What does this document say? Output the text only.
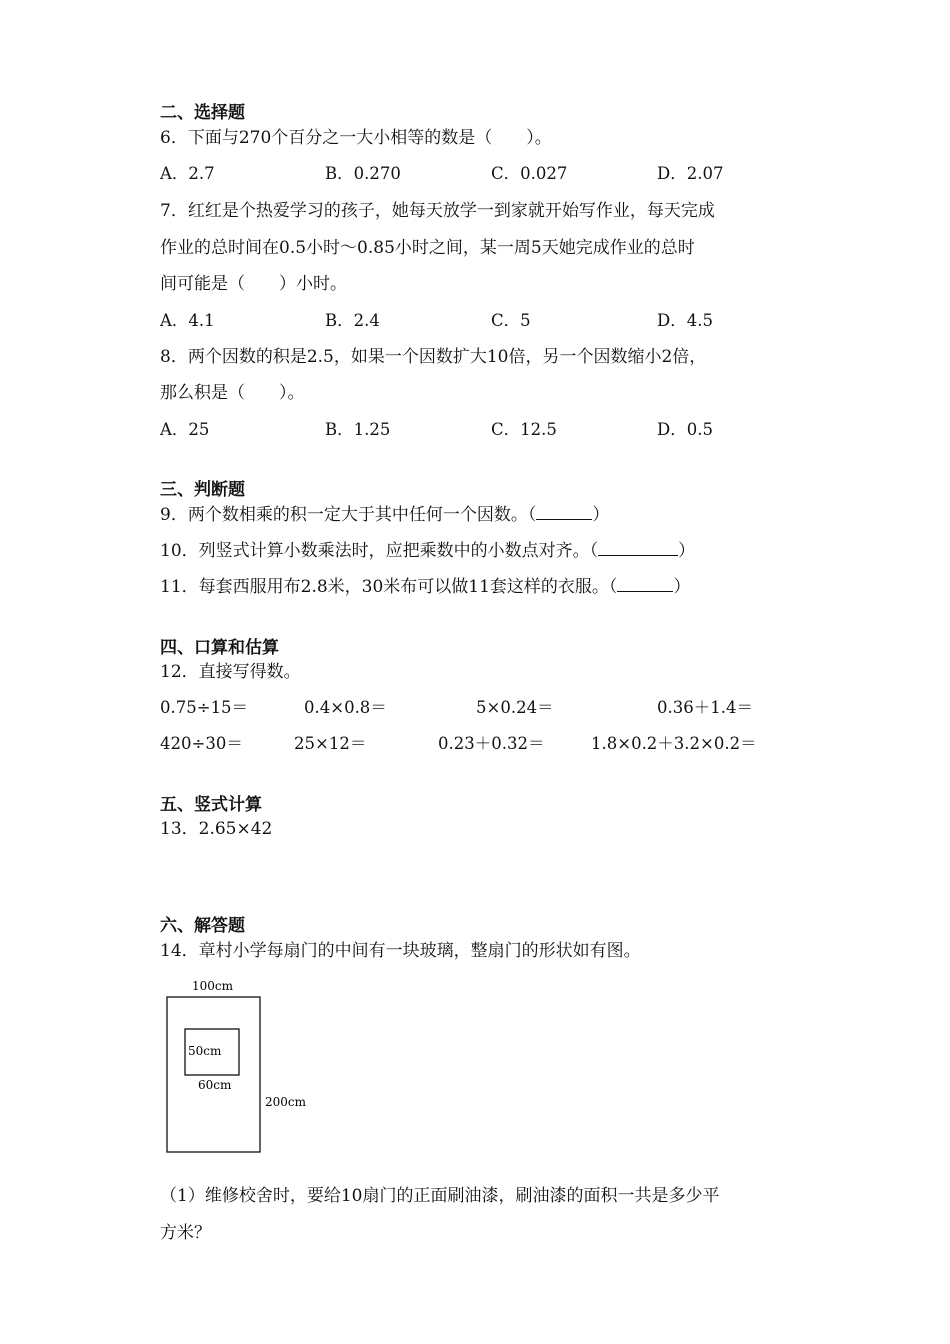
二、选择题
6．下面与270个百分之一大小相等的数是（　　）。
A．2.7	B．0.270	C．0.027	D．2.07
7．红红是个热爱学习的孩子，她每天放学一到家就开始写作业，每天完成
作业的总时间在0.5小时～0.85小时之间，某一周5天她完成作业的总时
间可能是（　　）小时。
A．4.1	B．2.4	C．5	D．4.5
8．两个因数的积是2.5，如果一个因数扩大10倍，另一个因数缩小2倍，
那么积是（　　）。
A．25	B．1.25	C．12.5	D．0.5
三、判断题
9．两个数相乘的积一定大于其中任何一个因数。（	）
10．列竖式计算小数乘法时，应把乘数中的小数点对齐。（	）
11．每套西服用布2.8米，30米布可以做11套这样的衣服。（	）
四、口算和估算
12．直接写得数。
0.75÷15＝	0.4×0.8＝	5×0.24＝	0.36＋1.4＝
420÷30＝	25×12＝	0.23＋0.32＝	1.8×0.2＋3.2×0.2＝
五、竖式计算
13．2.65×42
六、解答题
14．章村小学每扇门的中间有一块玻璃，整扇门的形状如有图。
100cm
50cm
60cm
200cm
（1）维修校舍时，要给10扇门的正面刷油漆，刷油漆的面积一共是多少平
方米？
